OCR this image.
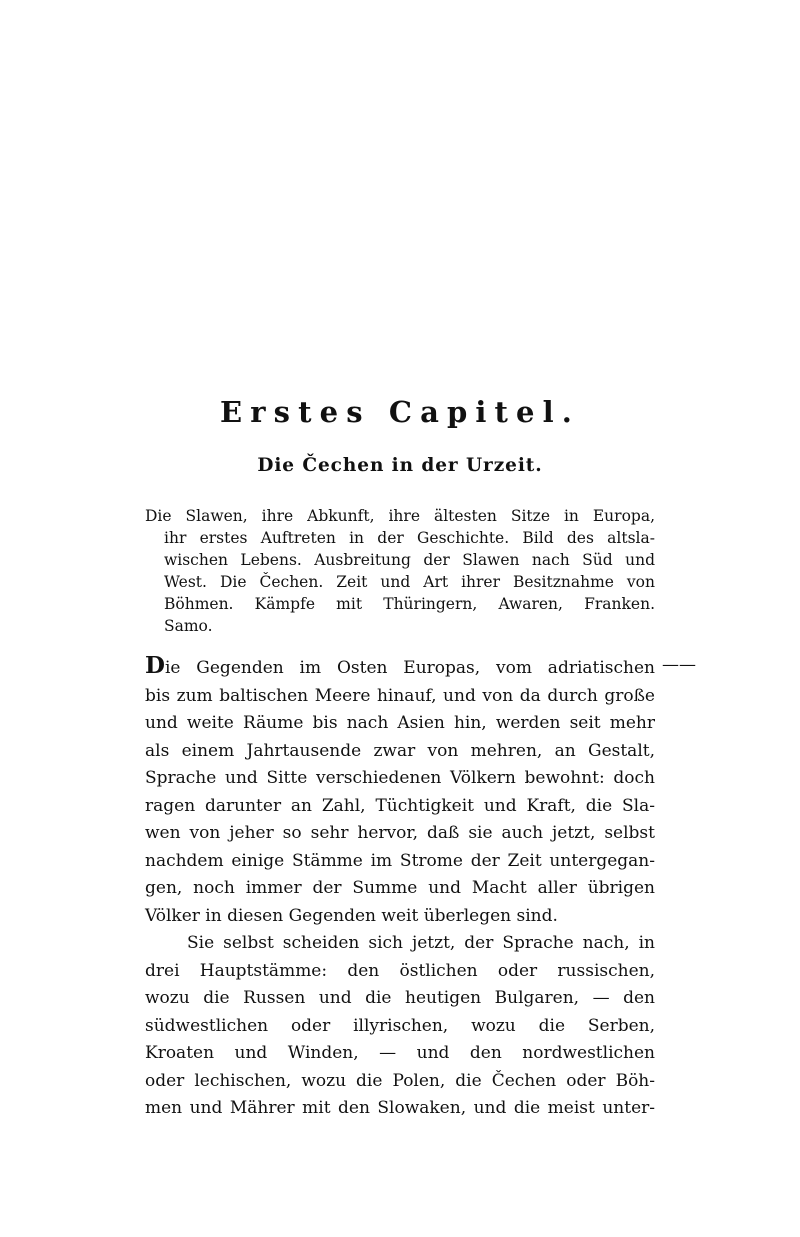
Erstes Capitel.
Die Čechen in der Urzeit.
Die Slawen, ihre Abkunft, ihre ältesten Sitze in Europa,
ihr erstes Auftreten in der Geschichte. Bild des altsla-
wischen Lebens. Ausbreitung der Slawen nach Süd und
West. Die Čechen. Zeit und Art ihrer Besitznahme von
Böhmen. Kämpfe mit Thüringern, Awaren, Franken.
Samo.
——
Die Gegenden im Osten Europas, vom adriatischen
bis zum baltischen Meere hinauf, und von da durch große
und weite Räume bis nach Asien hin, werden seit mehr
als einem Jahrtausende zwar von mehren, an Gestalt,
Sprache und Sitte verschiedenen Völkern bewohnt: doch
ragen darunter an Zahl, Tüchtigkeit und Kraft, die Sla-
wen von jeher so sehr hervor, daß sie auch jetzt, selbst
nachdem einige Stämme im Strome der Zeit untergegan-
gen, noch immer der Summe und Macht aller übrigen
Völker in diesen Gegenden weit überlegen sind.
Sie selbst scheiden sich jetzt, der Sprache nach, in
drei Hauptstämme: den östlichen oder russischen,
wozu die Russen und die heutigen Bulgaren, — den
südwestlichen oder illyrischen, wozu die Serben,
Kroaten und Winden, — und den nordwestlichen
oder lechischen, wozu die Polen, die Čechen oder Böh-
men und Mährer mit den Slowaken, und die meist unter-
